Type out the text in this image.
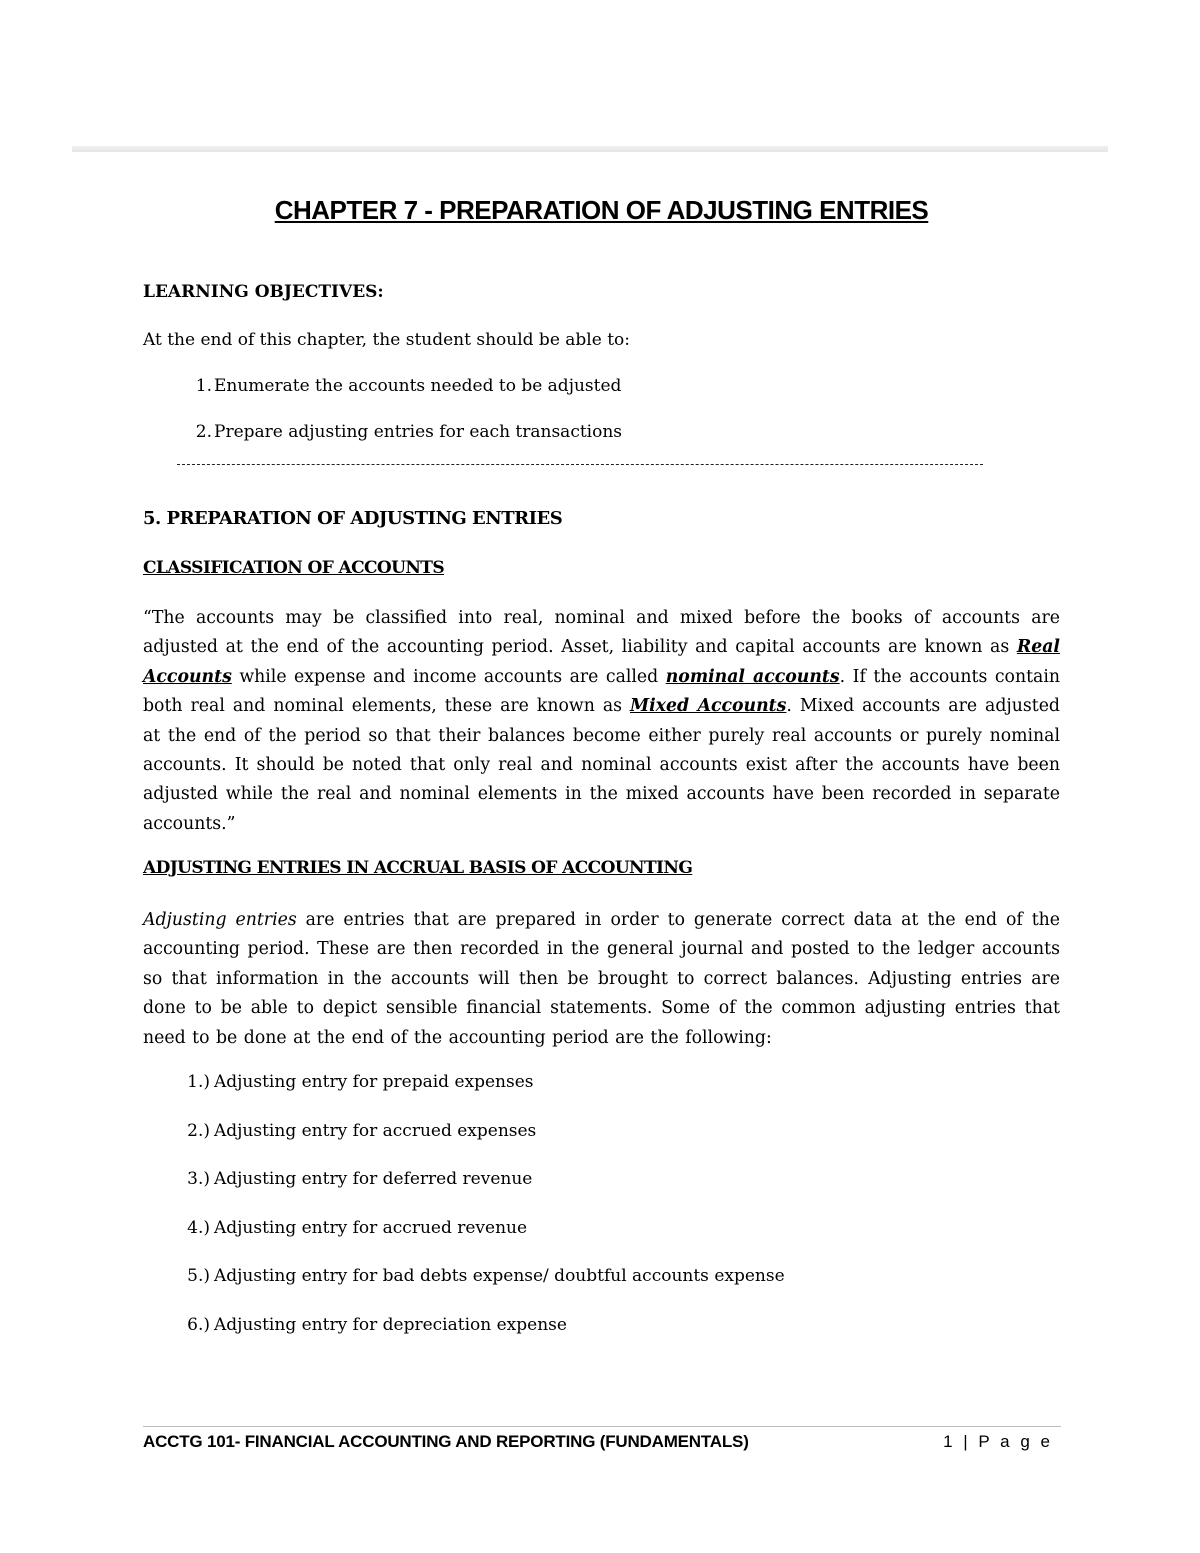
CHAPTER 7 - PREPARATION OF ADJUSTING ENTRIES

LEARNING OBJECTIVES:

At the end of this chapter, the student should be able to:

1. Enumerate the accounts needed to be adjusted
2. Prepare adjusting entries for each transactions

5. PREPARATION OF ADJUSTING ENTRIES

CLASSIFICATION OF ACCOUNTS

“The accounts may be classified into real, nominal and mixed before the books of accounts are adjusted at the end of the accounting period. Asset, liability and capital accounts are known as Real Accounts while expense and income accounts are called nominal accounts. If the accounts contain both real and nominal elements, these are known as Mixed Accounts. Mixed accounts are adjusted at the end of the period so that their balances become either purely real accounts or purely nominal accounts. It should be noted that only real and nominal accounts exist after the accounts have been adjusted while the real and nominal elements in the mixed accounts have been recorded in separate accounts.”

ADJUSTING ENTRIES IN ACCRUAL BASIS OF ACCOUNTING

Adjusting entries are entries that are prepared in order to generate correct data at the end of the accounting period. These are then recorded in the general journal and posted to the ledger accounts so that information in the accounts will then be brought to correct balances. Adjusting entries are done to be able to depict sensible financial statements. Some of the common adjusting entries that need to be done at the end of the accounting period are the following:

1.) Adjusting entry for prepaid expenses
2.) Adjusting entry for accrued expenses
3.) Adjusting entry for deferred revenue
4.) Adjusting entry for accrued revenue
5.) Adjusting entry for bad debts expense/ doubtful accounts expense
6.) Adjusting entry for depreciation expense
ACCTG 101- FINANCIAL ACCOUNTING AND REPORTING (FUNDAMENTALS)	1 | P a g e
